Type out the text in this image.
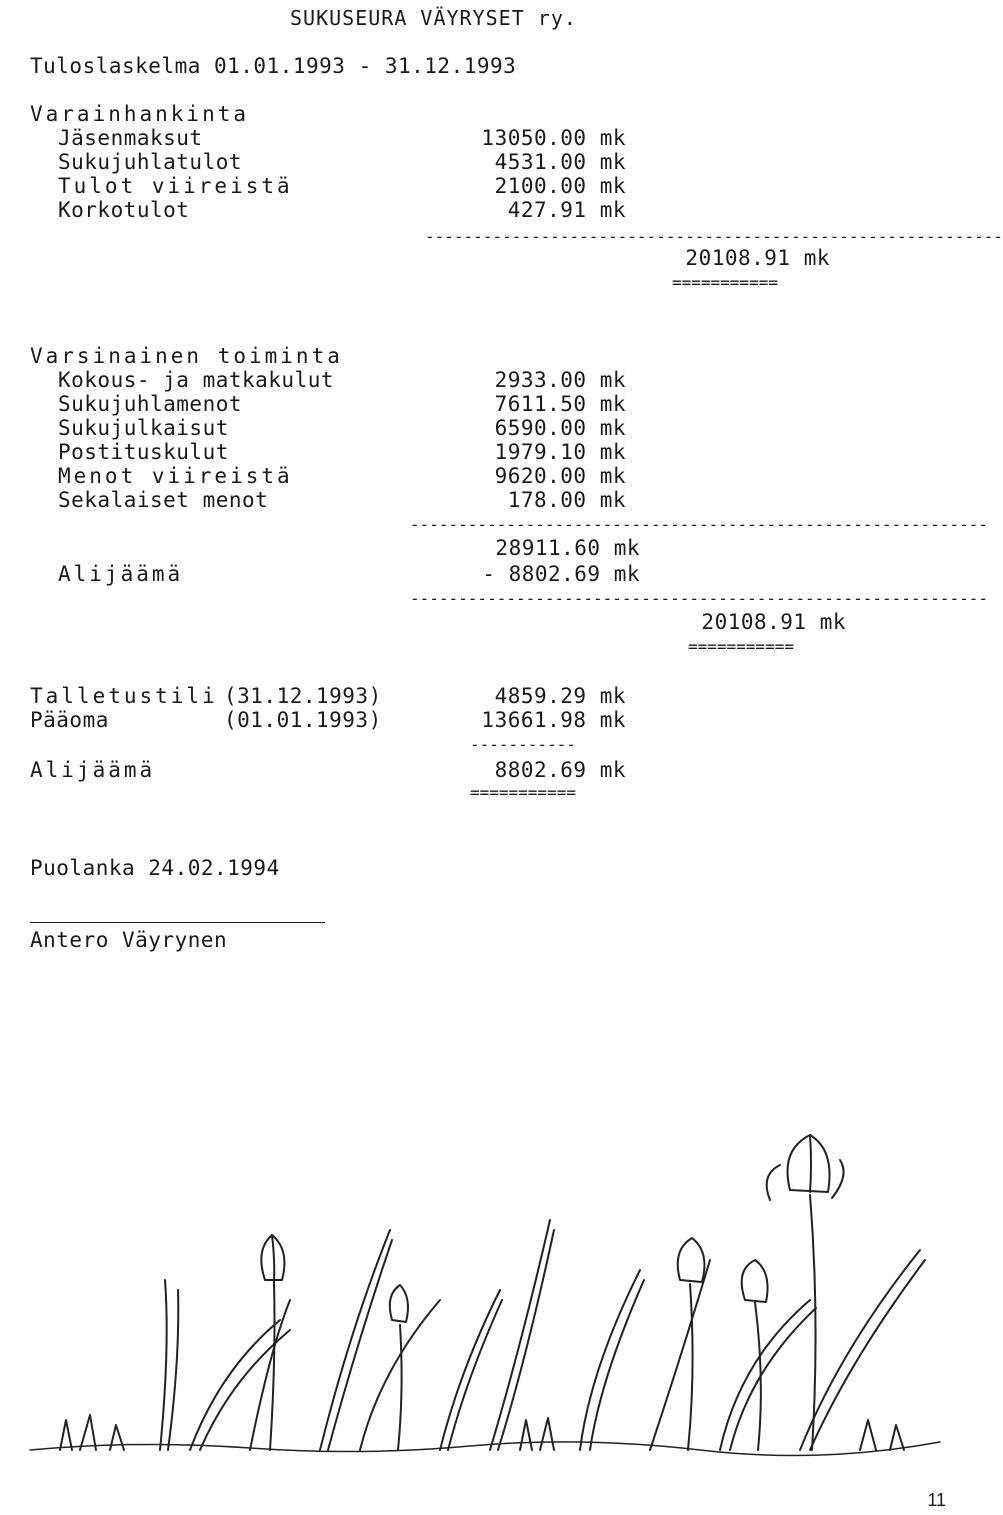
SUKUSEURA VÄYRYSET ry.
Tuloslaskelma 01.01.1993 - 31.12.1993
Varainhankinta
Jäsenmaksut	13050.00 mk
Sukujuhlatulot	4531.00 mk
Tulot viireistä	2100.00 mk
Korkotulot	427.91 mk
------------------------------------------------------------
20108.91 mk
===========
Varsinainen toiminta
Kokous- ja matkakulut	2933.00 mk
Sukujuhlamenot	7611.50 mk
Sukujulkaisut	6590.00 mk
Postituskulut	1979.10 mk
Menot viireistä	9620.00 mk
Sekalaiset menot	178.00 mk
------------------------------------------------------------
28911.60 mk
Alijäämä	- 8802.69 mk
------------------------------------------------------------
20108.91 mk
===========
Talletustili (31.12.1993)	4859.29 mk
Pääoma	(01.01.1993)	13661.98 mk
-----------
Alijäämä	8802.69 mk
===========
Puolanka 24.02.1994
Antero Väyrynen
11
